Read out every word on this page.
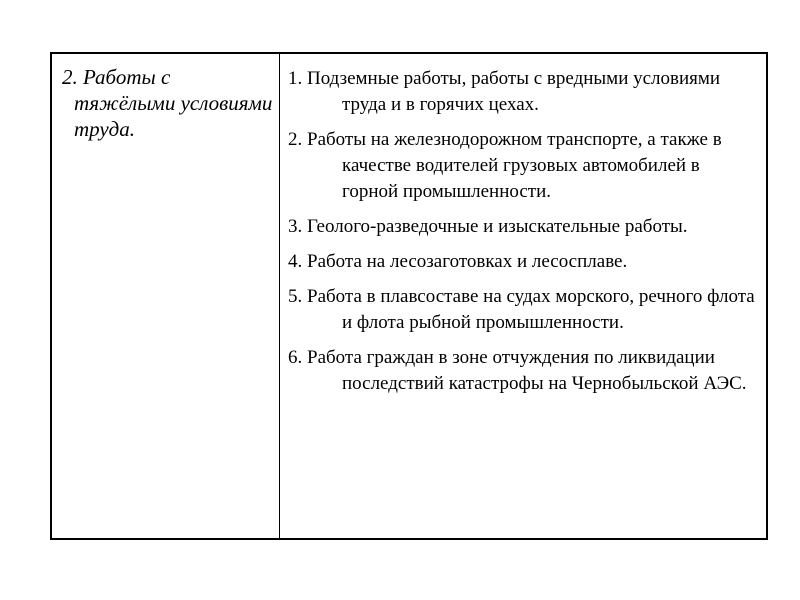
2. Работы с тяжёлыми условиями труда.

1. Подземные работы, работы с вредными условиями труда и в горячих цехах.

2. Работы на железнодорожном транспорте, а также в качестве водителей грузовых автомобилей в горной промышленности.

3. Геолого-разведочные и изыскательные работы.

4. Работа на лесозаготовках и лесосплаве.

5. Работа в плавсоставе на судах морского, речного флота и флота рыбной промышленности.

6. Работа граждан в зоне отчуждения по ликвидации последствий катастрофы на Чернобыльской АЭС.
